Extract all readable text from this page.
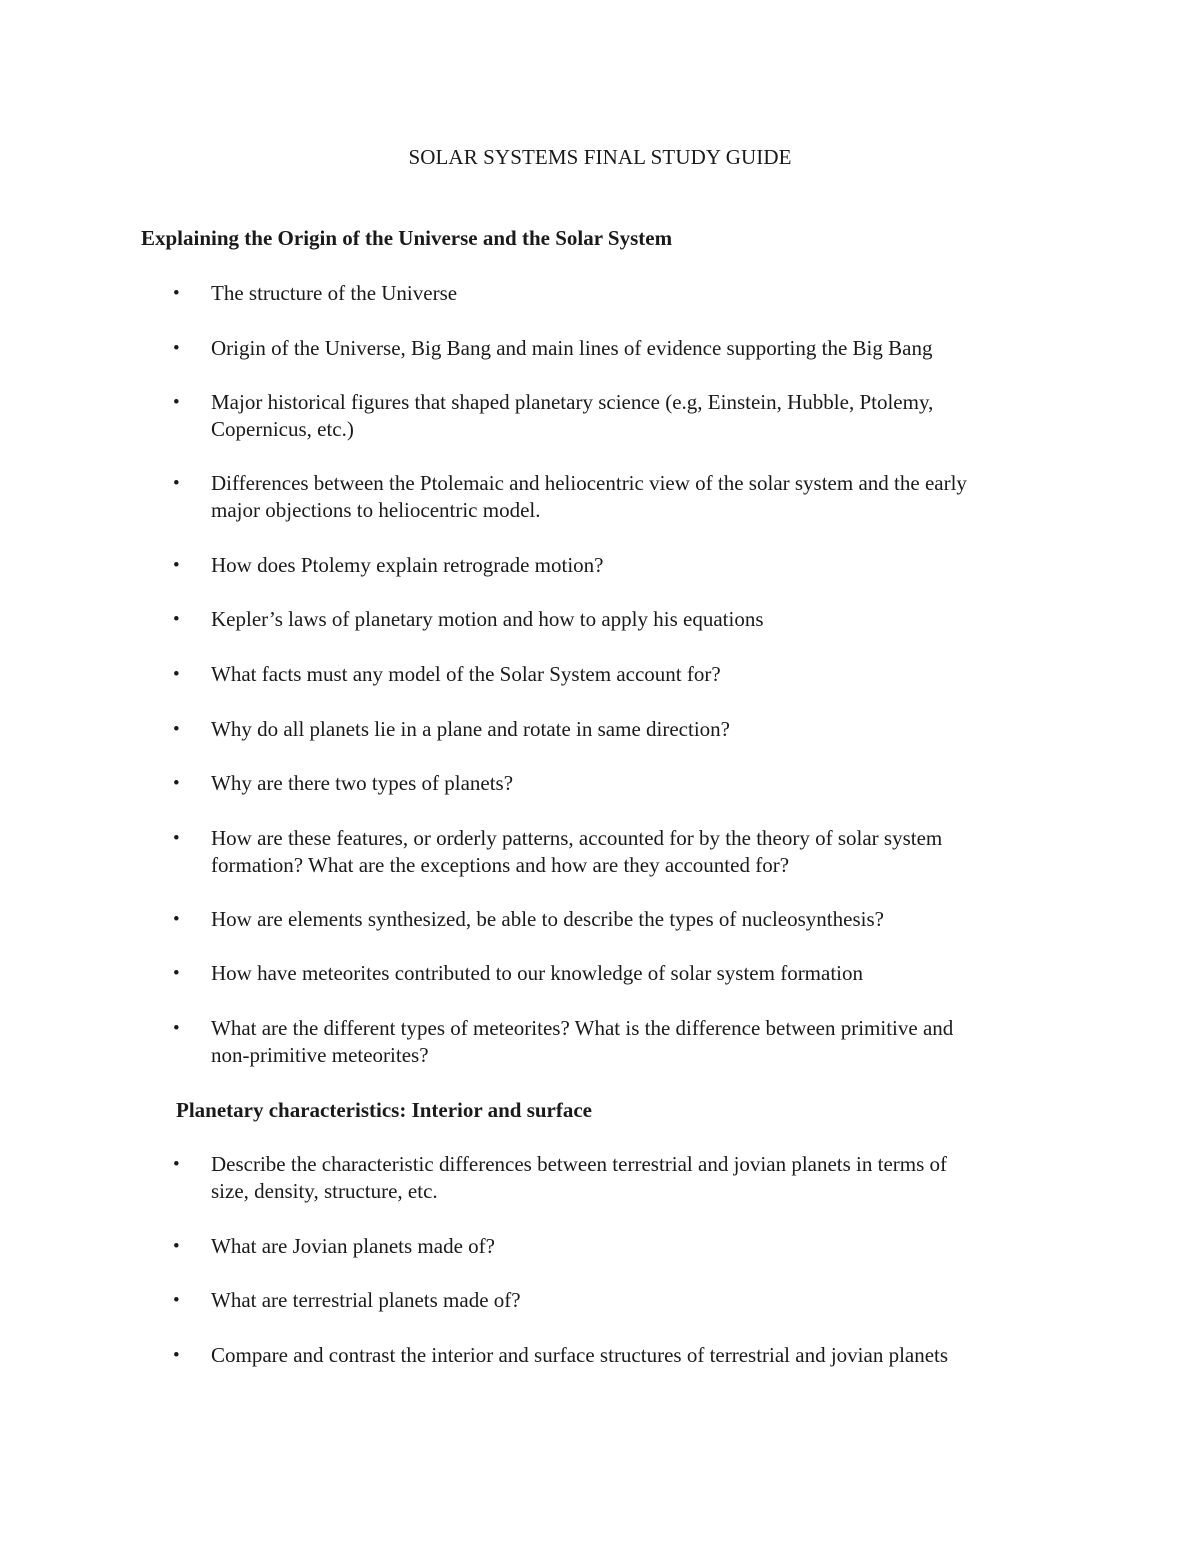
SOLAR SYSTEMS FINAL STUDY GUIDE
Explaining the Origin of the Universe and the Solar System
• The structure of the Universe
• Origin of the Universe, Big Bang and main lines of evidence supporting the Big Bang
• Major historical figures that shaped planetary science (e.g, Einstein, Hubble, Ptolemy,
Copernicus, etc.)
• Differences between the Ptolemaic and heliocentric view of the solar system and the early
major objections to heliocentric model.
• How does Ptolemy explain retrograde motion?
• Kepler’s laws of planetary motion and how to apply his equations
• What facts must any model of the Solar System account for?
• Why do all planets lie in a plane and rotate in same direction?
• Why are there two types of planets?
• How are these features, or orderly patterns, accounted for by the theory of solar system
formation? What are the exceptions and how are they accounted for?
• How are elements synthesized, be able to describe the types of nucleosynthesis?
• How have meteorites contributed to our knowledge of solar system formation
• What are the different types of meteorites? What is the difference between primitive and
non-primitive meteorites?
Planetary characteristics: Interior and surface
• Describe the characteristic differences between terrestrial and jovian planets in terms of
size, density, structure, etc.
• What are Jovian planets made of?
• What are terrestrial planets made of?
• Compare and contrast the interior and surface structures of terrestrial and jovian planets
